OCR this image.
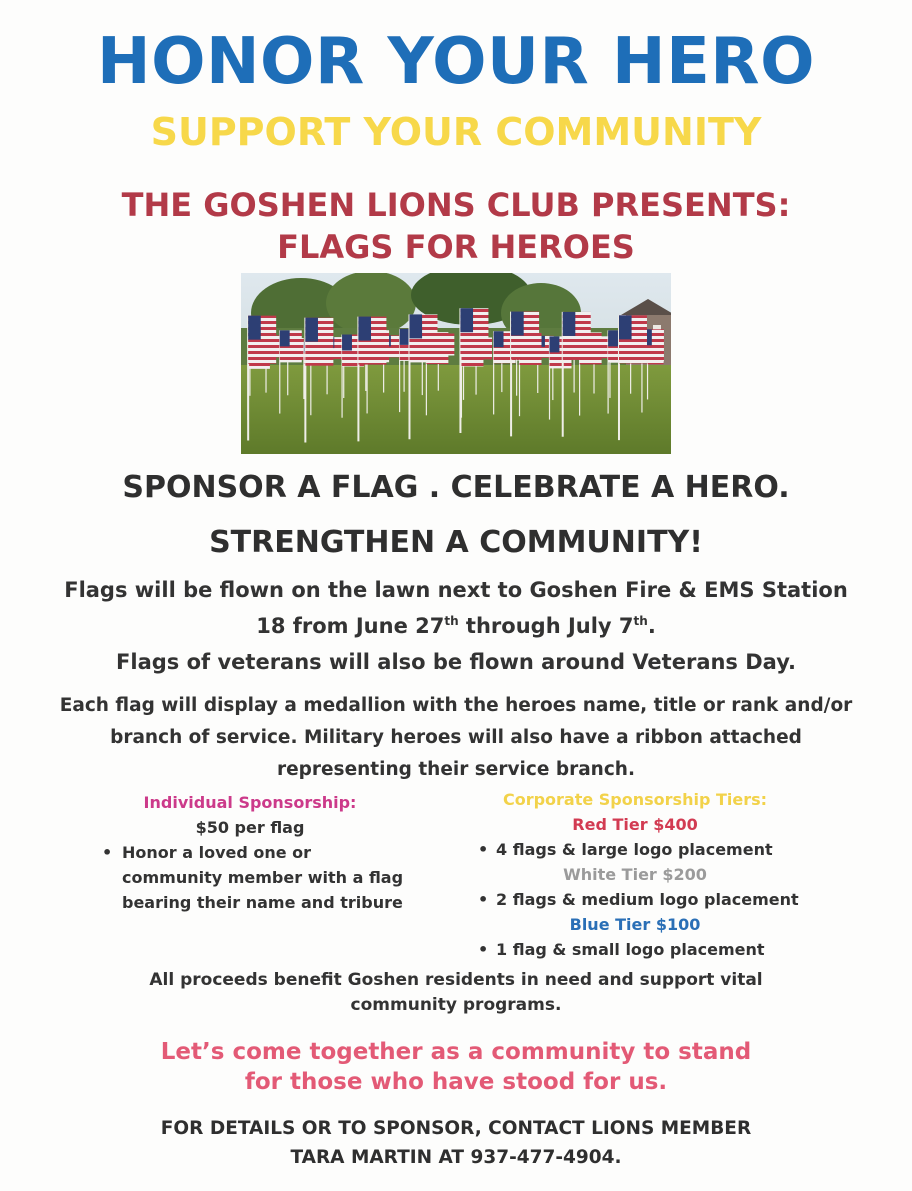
HONOR YOUR HERO
SUPPORT YOUR COMMUNITY
THE GOSHEN LIONS CLUB PRESENTS:
FLAGS FOR HEROES
SPONSOR A FLAG . CELEBRATE A HERO.
STRENGTHEN A COMMUNITY!
Flags will be flown on the lawn next to Goshen Fire & EMS Station
18 from June 27th through July 7th.
Flags of veterans will also be flown around Veterans Day.
Each flag will display a medallion with the heroes name, title or rank and/or
branch of service. Military heroes will also have a ribbon attached
representing their service branch.
Individual Sponsorship:
$50 per flag
• Honor a loved one or
community member with a flag
bearing their name and tribure
Corporate Sponsorship Tiers:
Red Tier $400
• 4 flags & large logo placement
White Tier $200
• 2 flags & medium logo placement
Blue Tier $100
• 1 flag & small logo placement
All proceeds benefit Goshen residents in need and support vital
community programs.
Let’s come together as a community to stand
for those who have stood for us.
FOR DETAILS OR TO SPONSOR, CONTACT LIONS MEMBER
TARA MARTIN AT 937-477-4904.
